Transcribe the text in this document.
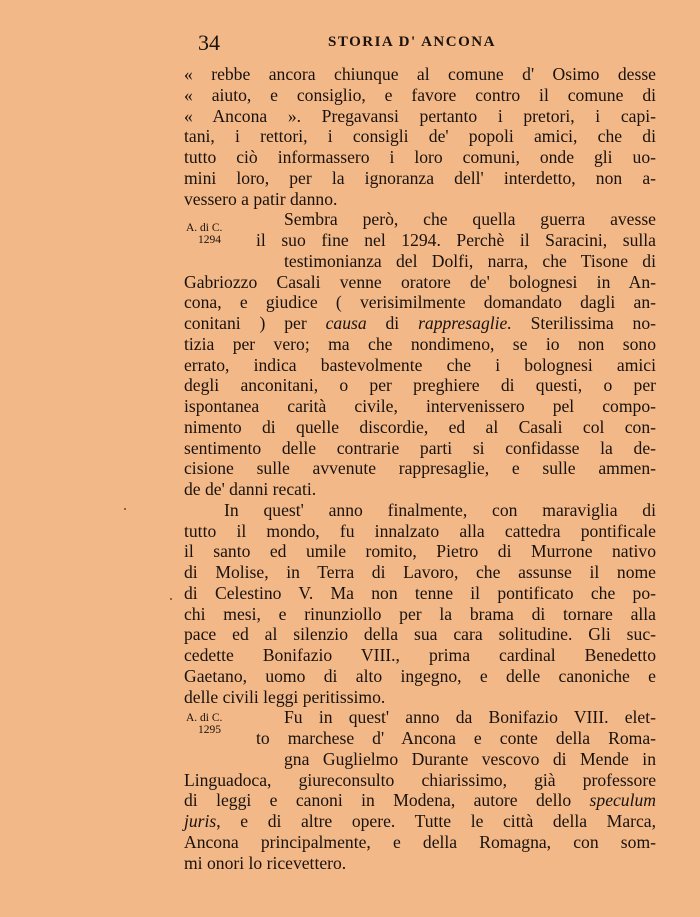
34	STORIA D' ANCONA
A. di C.
1294
A. di C.
1295
« rebbe ancora chiunque al comune d' Osimo desse
« aiuto, e consiglio, e favore contro il comune di
« Ancona ». Pregavansi pertanto i pretori, i capi-
tani, i rettori, i consigli de' popoli amici, che di
tutto ciò informassero i loro comuni, onde gli uo-
mini loro, per la ignoranza dell' interdetto, non a-
vessero a patir danno.
Sembra però, che quella guerra avesse
il suo fine nel 1294. Perchè il Saracini, sulla
testimonianza del Dolfi, narra, che Tisone di
Gabriozzo Casali venne oratore de' bolognesi in An-
cona, e giudice ( verisimilmente domandato dagli an-
conitani ) per causa di rappresaglie. Sterilissima no-
tizia per vero; ma che nondimeno, se io non sono
errato, indica bastevolmente che i bolognesi amici
degli anconitani, o per preghiere di questi, o per
ispontanea carità civile, intervenissero pel compo-
nimento di quelle discordie, ed al Casali col con-
sentimento delle contrarie parti si confidasse la de-
cisione sulle avvenute rappresaglie, e sulle ammen-
de de' danni recati.
In quest' anno finalmente, con maraviglia di
tutto il mondo, fu innalzato alla cattedra pontificale
il santo ed umile romito, Pietro di Murrone nativo
di Molise, in Terra di Lavoro, che assunse il nome
di Celestino V. Ma non tenne il pontificato che po-
chi mesi, e rinunziollo per la brama di tornare alla
pace ed al silenzio della sua cara solitudine. Gli suc-
cedette Bonifazio VIII., prima cardinal Benedetto
Gaetano, uomo di alto ingegno, e delle canoniche e
delle civili leggi peritissimo.
Fu in quest' anno da Bonifazio VIII. elet-
to marchese d' Ancona e conte della Roma-
gna Guglielmo Durante vescovo di Mende in
Linguadoca, giureconsulto chiarissimo, già professore
di leggi e canoni in Modena, autore dello speculum
juris, e di altre opere. Tutte le città della Marca,
Ancona principalmente, e della Romagna, con som-
mi onori lo ricevettero.
